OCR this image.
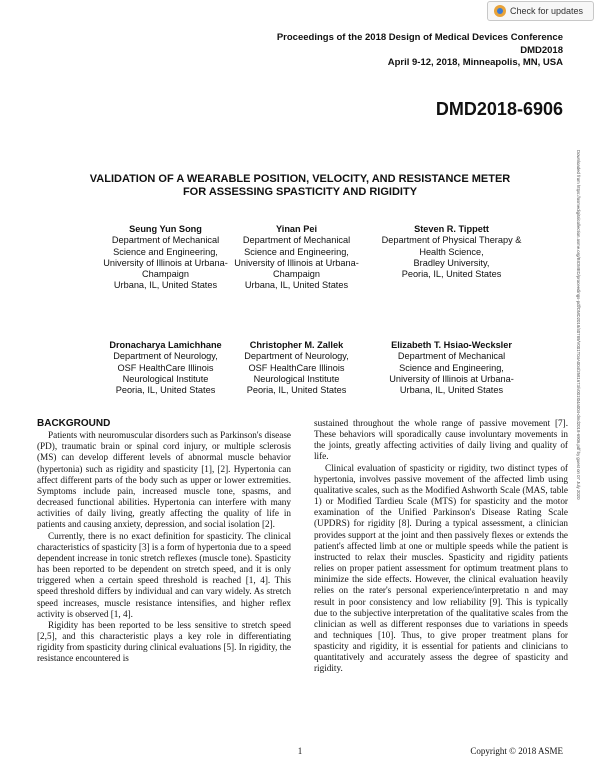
Check for updates
Proceedings of the 2018 Design of Medical Devices Conference
DMD2018
April 9-12, 2018, Minneapolis, MN, USA
DMD2018-6906
VALIDATION OF A WEARABLE POSITION, VELOCITY, AND RESISTANCE METER
FOR ASSESSING SPASTICITY AND RIGIDITY
Seung Yun Song
Department of Mechanical
Science and Engineering,
University of Illinois at Urbana-
Champaign
Urbana, IL, United States
Yinan Pei
Department of Mechanical
Science and Engineering,
University of Illinois at Urbana-
Champaign
Urbana, IL, United States
Steven R. Tippett
Department of Physical Therapy &
Health Science,
Bradley University,
Peoria, IL, United States
Dronacharya Lamichhane
Department of Neurology,
OSF HealthCare Illinois
Neurological Institute
Peoria, IL, United States
Christopher M. Zallek
Department of Neurology,
OSF HealthCare Illinois
Neurological Institute
Peoria, IL, United States
Elizabeth T. Hsiao-Wecksler
Department of Mechanical
Science and Engineering,
University of Illinois at Urbana-
Urbana, IL, United States	Downloaded from https://asmedigitalcollection.asme.org/BIOMED/proceedings-pdf/DMD2018/40789/V001T04A004/2581673/v001t04a004-dmd2018-6906.pdf by guest on 07 July 2020
BACKGROUND

Patients with neuromuscular disorders such as Parkinson's disease (PD), traumatic brain or spinal cord injury, or multiple sclerosis (MS) can develop different levels of abnormal muscle behavior (hypertonia) such as rigidity and spasticity [1], [2]. Hypertonia can affect different parts of the body such as upper or lower extremities. Symptoms include pain, increased muscle tone, spasms, and decreased functional abilities. Hypertonia can interfere with many activities of daily living, greatly affecting the quality of life in patients and causing anxiety, depression, and social isolation [2].

Currently, there is no exact definition for spasticity. The clinical characteristics of spasticity [3] is a form of hypertonia due to a speed dependent increase in tonic stretch reflexes (muscle tone). Spasticity has been reported to be dependent on stretch speed, and it is only triggered when a certain speed threshold is reached [1, 4]. This speed threshold differs by individual and can vary widely. As stretch speed increases, muscle resistance intensifies, and higher reflex activity is observed [1, 4].

Rigidity has been reported to be less sensitive to stretch speed [2,5], and this characteristic plays a key role in differentiating rigidity from spasticity during clinical evaluations [5]. In rigidity, the resistance encountered is

sustained throughout the whole range of passive movement [7]. These behaviors will sporadically cause involuntary movements in the joints, greatly affecting activities of daily living and quality of life.

Clinical evaluation of spasticity or rigidity, two distinct types of hypertonia, involves passive movement of the affected limb using qualitative scales, such as the Modified Ashworth Scale (MAS, table 1) or Modified Tardieu Scale (MTS) for spasticity and the motor examination of the Unified Parkinson's Disease Rating Scale (UPDRS) for rigidity [8]. During a typical assessment, a clinician provides support at the joint and then passively flexes or extends the patient's affected limb at one or multiple speeds while the patient is instructed to relax their muscles. Spasticity and rigidity patients relies on proper patient assessment for optimum treatment plans to minimize the side effects. However, the clinical evaluation heavily relies on the rater's personal experience/interpretatio n and may result in poor consistency and low reliability [9]. This is typically due to the subjective interpretation of the qualitative scales from the clinician as well as different responses due to variations in speeds and techniques [10]. Thus, to give proper treatment plans for spasticity and rigidity, it is essential for patients and clinicians to quantitatively and accurately assess the degree of spasticity and rigidity.

1	Copyright © 2018 ASME
